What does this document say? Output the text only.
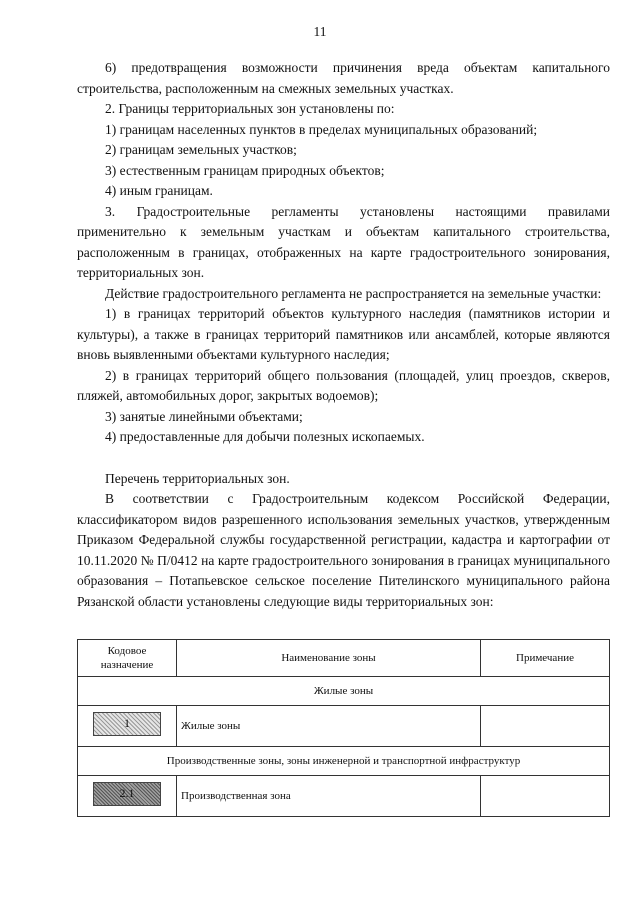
11

6) предотвращения возможности причинения вреда объектам капитального строительства, расположенным на смежных земельных участках.

2. Границы территориальных зон установлены по:

1) границам населенных пунктов в пределах муниципальных образований;

2) границам земельных участков;

3) естественным границам природных объектов;

4) иным границам.

3. Градостроительные регламенты установлены настоящими правилами применительно к земельным участкам и объектам капитального строительства, расположенным в границах, отображенных на карте градостроительного зонирования, территориальных зон.

Действие градостроительного регламента не распространяется на земельные участки:

1) в границах территорий объектов культурного наследия (памятников истории и культуры), а также в границах территорий памятников или ансамблей, которые являются вновь выявленными объектами культурного наследия;

2) в границах территорий общего пользования (площадей, улиц проездов, скверов, пляжей, автомобильных дорог, закрытых водоемов);

3) занятые линейными объектами;

4) предоставленные для добычи полезных ископаемых.

Перечень территориальных зон.

В соответствии с Градостроительным кодексом Российской Федерации, классификатором видов разрешенного использования земельных участков, утвержденным Приказом Федеральной службы государственной регистрации, кадастра и картографии от 10.11.2020 № П/0412 на карте градостроительного зонирования в границах муниципального образования – Потапьевское сельское поселение Пителинского муниципального района Рязанской области установлены следующие виды территориальных зон:

Кодовое назначение	Наименование зоны	Примечание
Жилые зоны		

1	Жилые зоны	
Производственные зоны, зоны инженерной и транспортной инфраструктур		

2.1	Производственная зона	
